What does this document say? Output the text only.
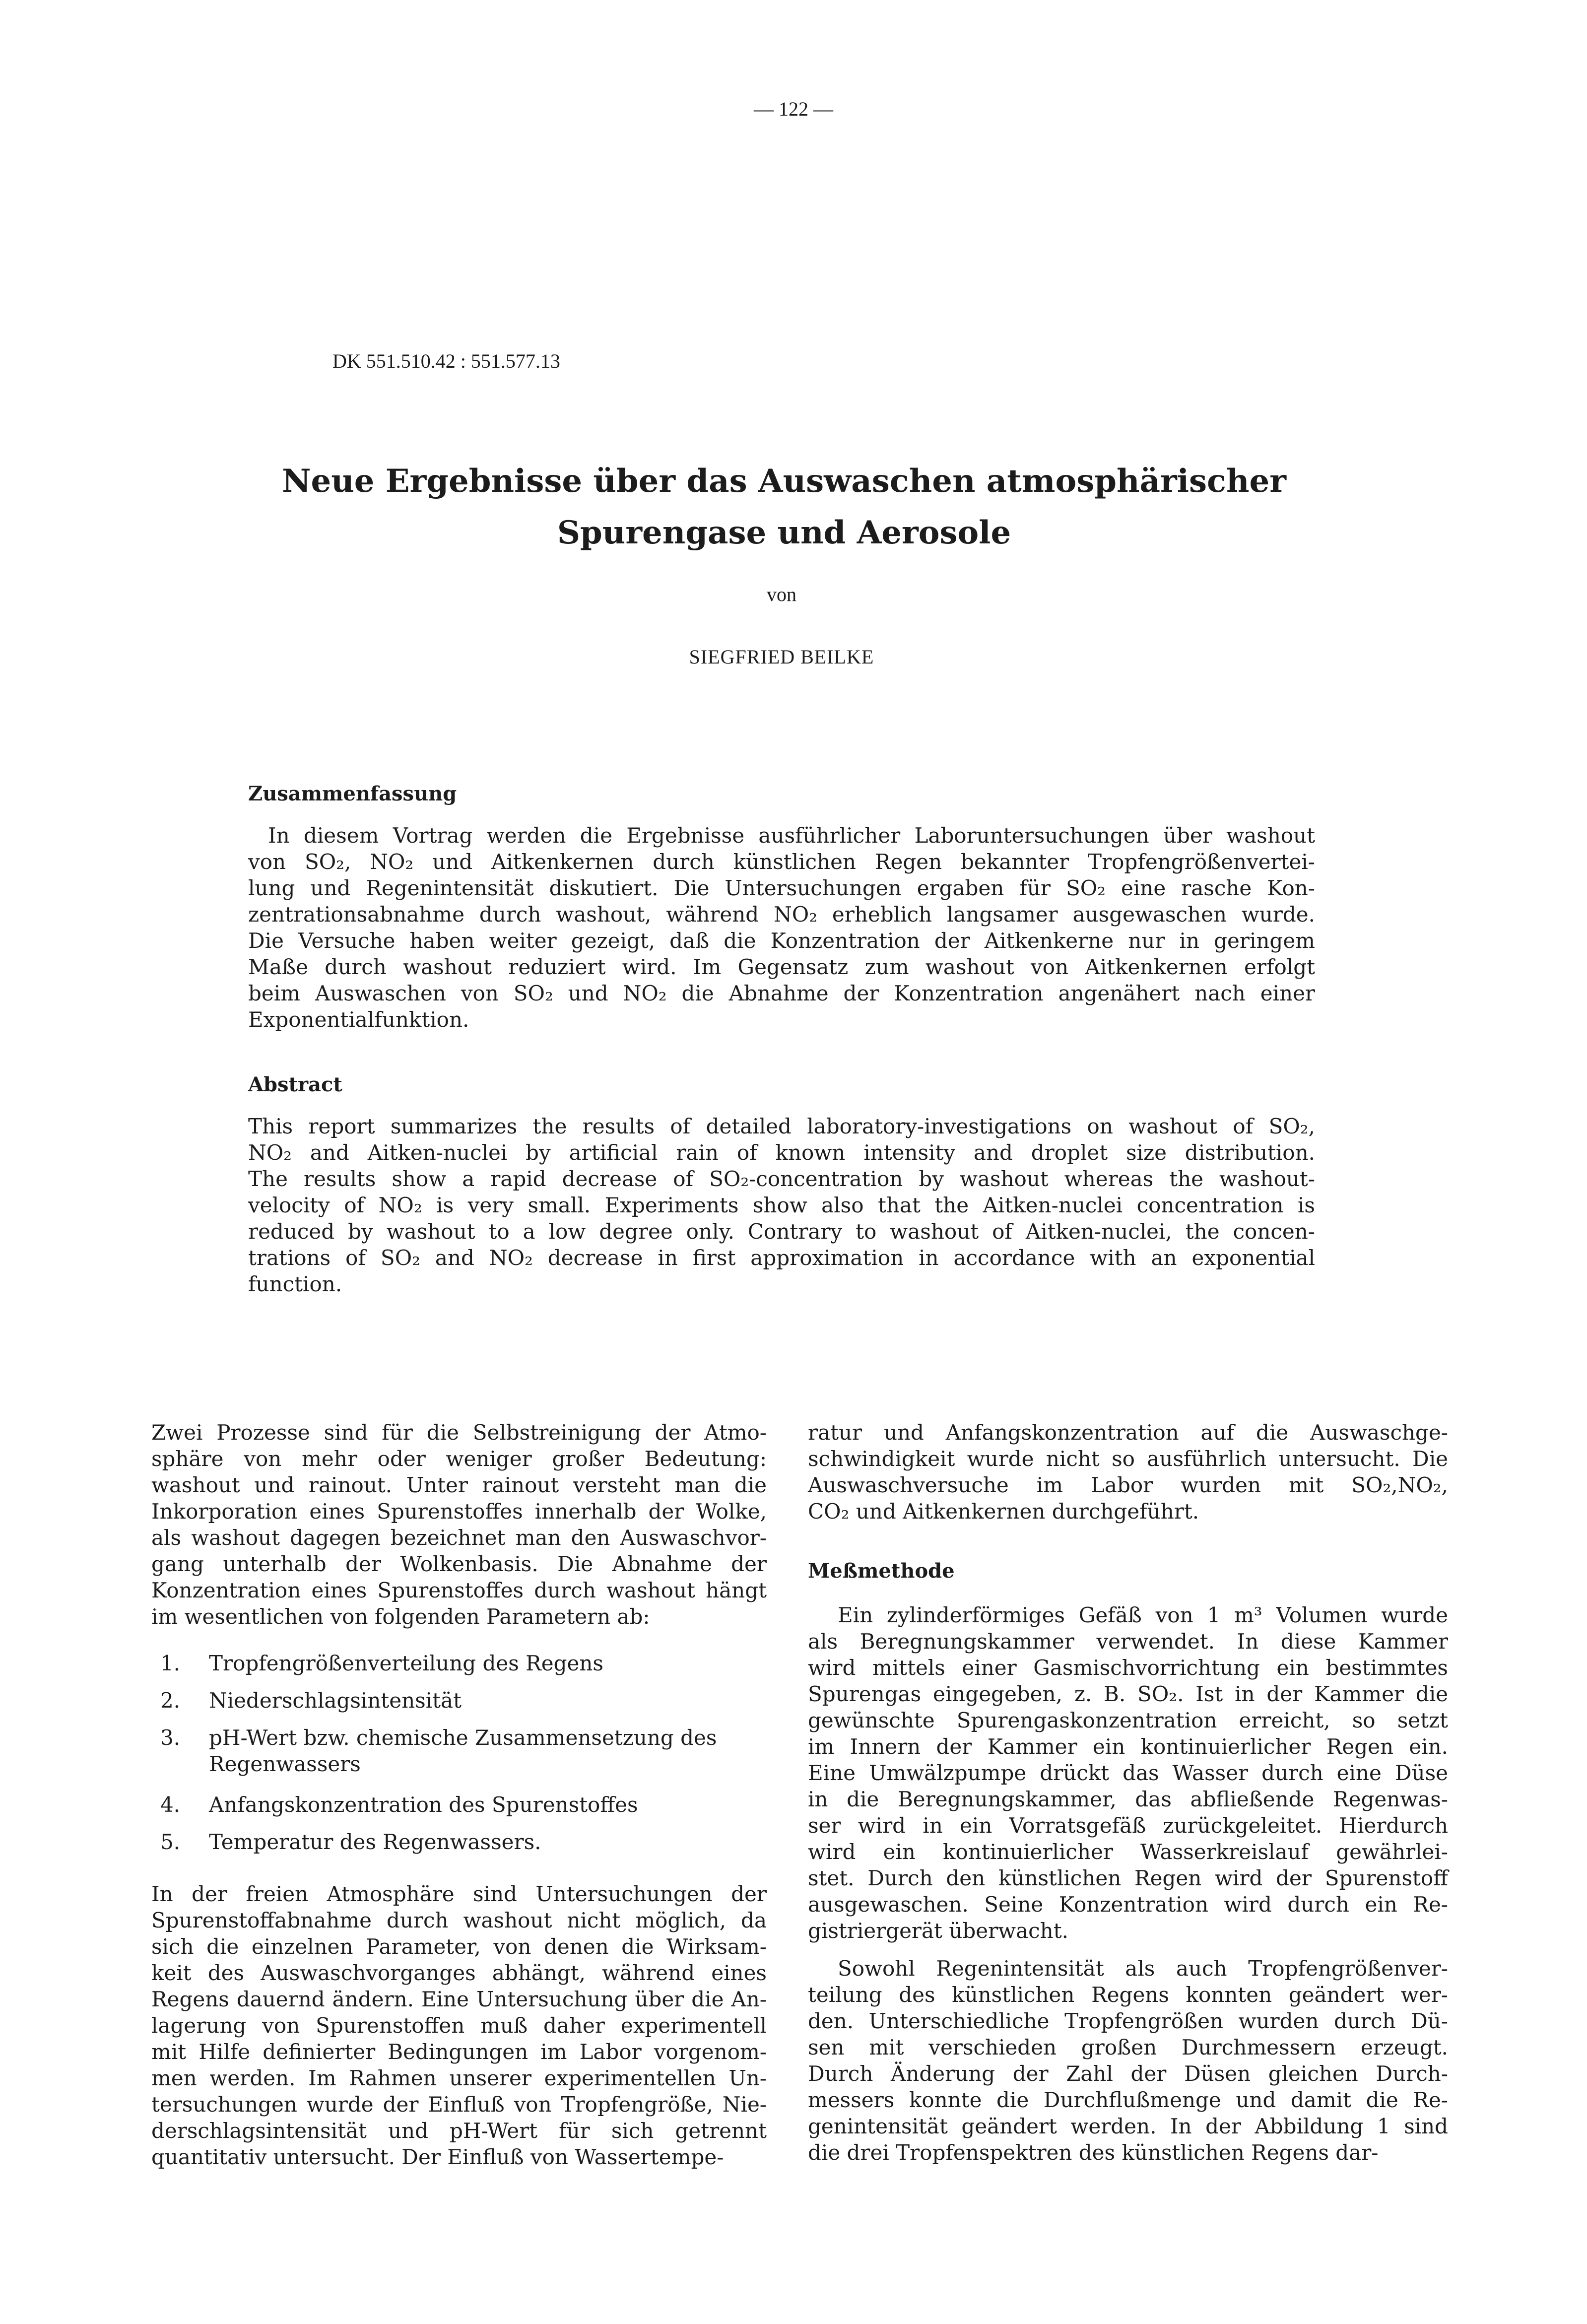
— 122 —
DK 551.510.42 : 551.577.13
Neue Ergebnisse über das Auswaschen atmosphärischer
Spurengase und Aerosole
von
SIEGFRIED BEILKE
Zusammenfassung
In diesem Vortrag werden die Ergebnisse ausführlicher Laboruntersuchungen über washout
von SO₂, NO₂ und Aitkenkernen durch künstlichen Regen bekannter Tropfengrößenvertei-
lung und Regenintensität diskutiert. Die Untersuchungen ergaben für SO₂ eine rasche Kon-
zentrationsabnahme durch washout, während NO₂ erheblich langsamer ausgewaschen wurde.
Die Versuche haben weiter gezeigt, daß die Konzentration der Aitkenkerne nur in geringem
Maße durch washout reduziert wird. Im Gegensatz zum washout von Aitkenkernen erfolgt
beim Auswaschen von SO₂ und NO₂ die Abnahme der Konzentration angenähert nach einer
Exponentialfunktion.
Abstract
This report summarizes the results of detailed laboratory-investigations on washout of SO₂,
NO₂ and Aitken-nuclei by artificial rain of known intensity and droplet size distribution.
The results show a rapid decrease of SO₂-concentration by washout whereas the washout-
velocity of NO₂ is very small. Experiments show also that the Aitken-nuclei concentration is
reduced by washout to a low degree only. Contrary to washout of Aitken-nuclei, the concen-
trations of SO₂ and NO₂ decrease in first approximation in accordance with an exponential
function.
Zwei Prozesse sind für die Selbstreinigung der Atmo-
sphäre von mehr oder weniger großer Bedeutung:
washout und rainout. Unter rainout versteht man die
Inkorporation eines Spurenstoffes innerhalb der Wolke,
als washout dagegen bezeichnet man den Auswaschvor-
gang unterhalb der Wolkenbasis. Die Abnahme der
Konzentration eines Spurenstoffes durch washout hängt
im wesentlichen von folgenden Parametern ab:
1. Tropfengrößenverteilung des Regens
2. Niederschlagsintensität
3. pH-Wert bzw. chemische Zusammensetzung des
Regenwassers
4. Anfangskonzentration des Spurenstoffes
5. Temperatur des Regenwassers.
In der freien Atmosphäre sind Untersuchungen der
Spurenstoffabnahme durch washout nicht möglich, da
sich die einzelnen Parameter, von denen die Wirksam-
keit des Auswaschvorganges abhängt, während eines
Regens dauernd ändern. Eine Untersuchung über die An-
lagerung von Spurenstoffen muß daher experimentell
mit Hilfe definierter Bedingungen im Labor vorgenom-
men werden. Im Rahmen unserer experimentellen Un-
tersuchungen wurde der Einfluß von Tropfengröße, Nie-
derschlagsintensität und pH-Wert für sich getrennt
quantitativ untersucht. Der Einfluß von Wassertempe-
ratur und Anfangskonzentration auf die Auswaschge-
schwindigkeit wurde nicht so ausführlich untersucht. Die
Auswaschversuche im Labor wurden mit SO₂,NO₂,
CO₂ und Aitkenkernen durchgeführt.
Meßmethode
Ein zylinderförmiges Gefäß von 1 m³ Volumen wurde
als Beregnungskammer verwendet. In diese Kammer
wird mittels einer Gasmischvorrichtung ein bestimmtes
Spurengas eingegeben, z. B. SO₂. Ist in der Kammer die
gewünschte Spurengaskonzentration erreicht, so setzt
im Innern der Kammer ein kontinuierlicher Regen ein.
Eine Umwälzpumpe drückt das Wasser durch eine Düse
in die Beregnungskammer, das abfließende Regenwas-
ser wird in ein Vorratsgefäß zurückgeleitet. Hierdurch
wird ein kontinuierlicher Wasserkreislauf gewährlei-
stet. Durch den künstlichen Regen wird der Spurenstoff
ausgewaschen. Seine Konzentration wird durch ein Re-
gistriergerät überwacht.
Sowohl Regenintensität als auch Tropfengrößenver-
teilung des künstlichen Regens konnten geändert wer-
den. Unterschiedliche Tropfengrößen wurden durch Dü-
sen mit verschieden großen Durchmessern erzeugt.
Durch Änderung der Zahl der Düsen gleichen Durch-
messers konnte die Durchflußmenge und damit die Re-
genintensität geändert werden. In der Abbildung 1 sind
die drei Tropfenspektren des künstlichen Regens dar-
